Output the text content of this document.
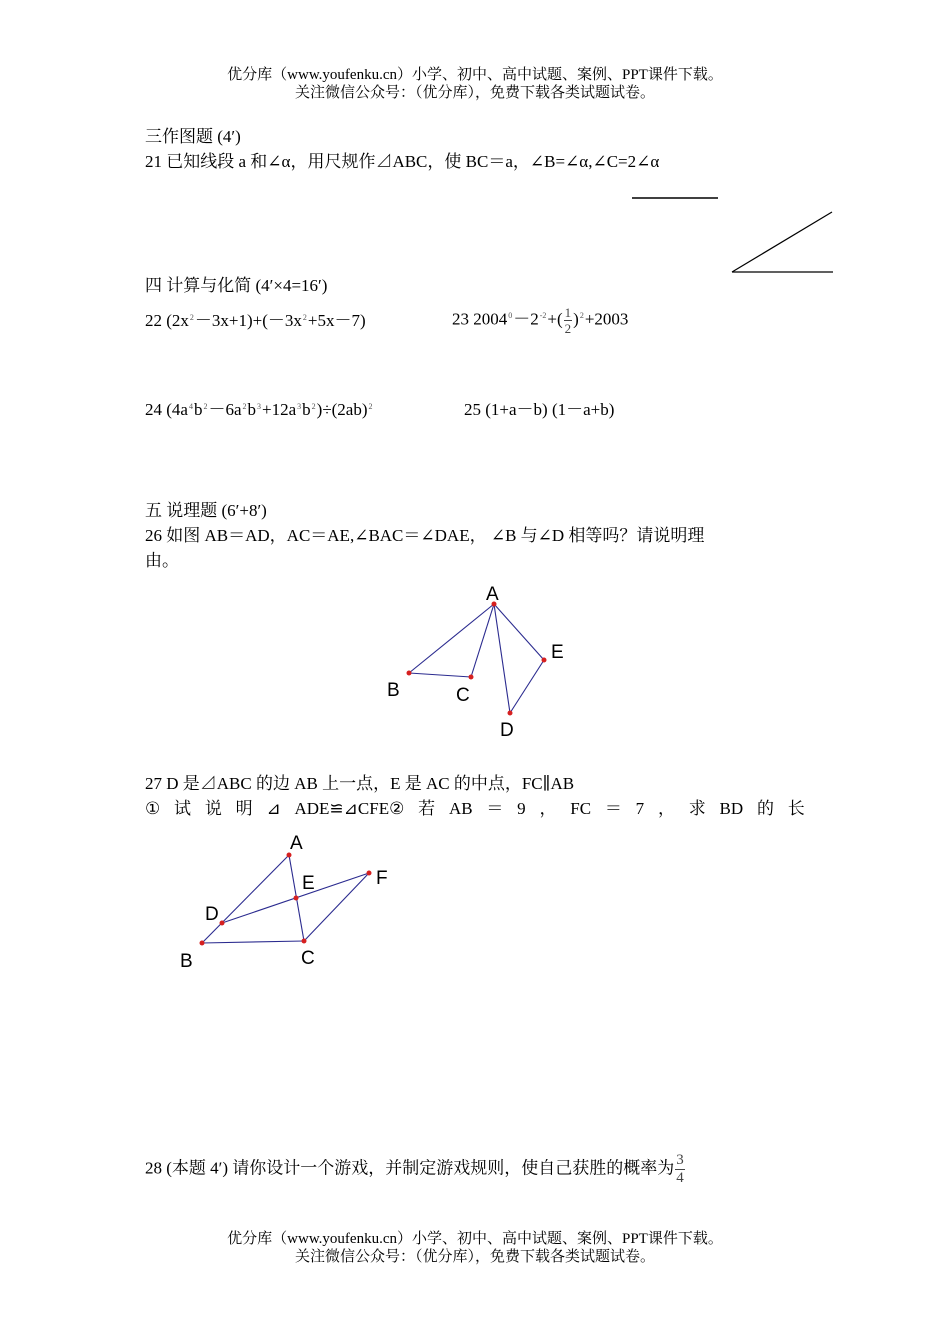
优分库（www.youfenku.cn）小学、初中、高中试题、案例、PPT课件下载。
关注微信公众号：（优分库），免费下载各类试题试卷。
三作图题 (4′)
21 已知线段 a 和∠α，用尺规作⊿ABC，使 BC＝a，∠B=∠α,∠C=2∠α
四 计算与化简 (4′×4=16′)
22 $(2x^2-3x+1)+(-3x^2+5x-7)$	23 $2004^0-2^{-2}+( \frac{1}{2} )^2+2003$
24 $(4a^4b^2-6a^2b^3+12a^3b^2)\div(2ab)^2$	25 (1+a－b) (1－a+b)
五 说理题 (6′+8′)
26 如图 AB＝AD，AC＝AE,∠BAC＝∠DAE， ∠B 与∠D 相等吗？请说明理
由。
A
B	C
D
E
27 D 是⊿ABC 的边 AB 上一点，E 是 AC 的中点，FC∥AB
① 试 说 明 ⊿ ADE≌⊿CFE② 若 AB ＝ 9 ， FC ＝ 7 ， 求 BD 的 长
A
B	C
D
E	F
28 (本题 4′) 请你设计一个游戏，并制定游戏规则，使自己获胜的概率为 $\frac{3}{4}$
优分库（www.youfenku.cn）小学、初中、高中试题、案例、PPT课件下载。
关注微信公众号：（优分库），免费下载各类试题试卷。
